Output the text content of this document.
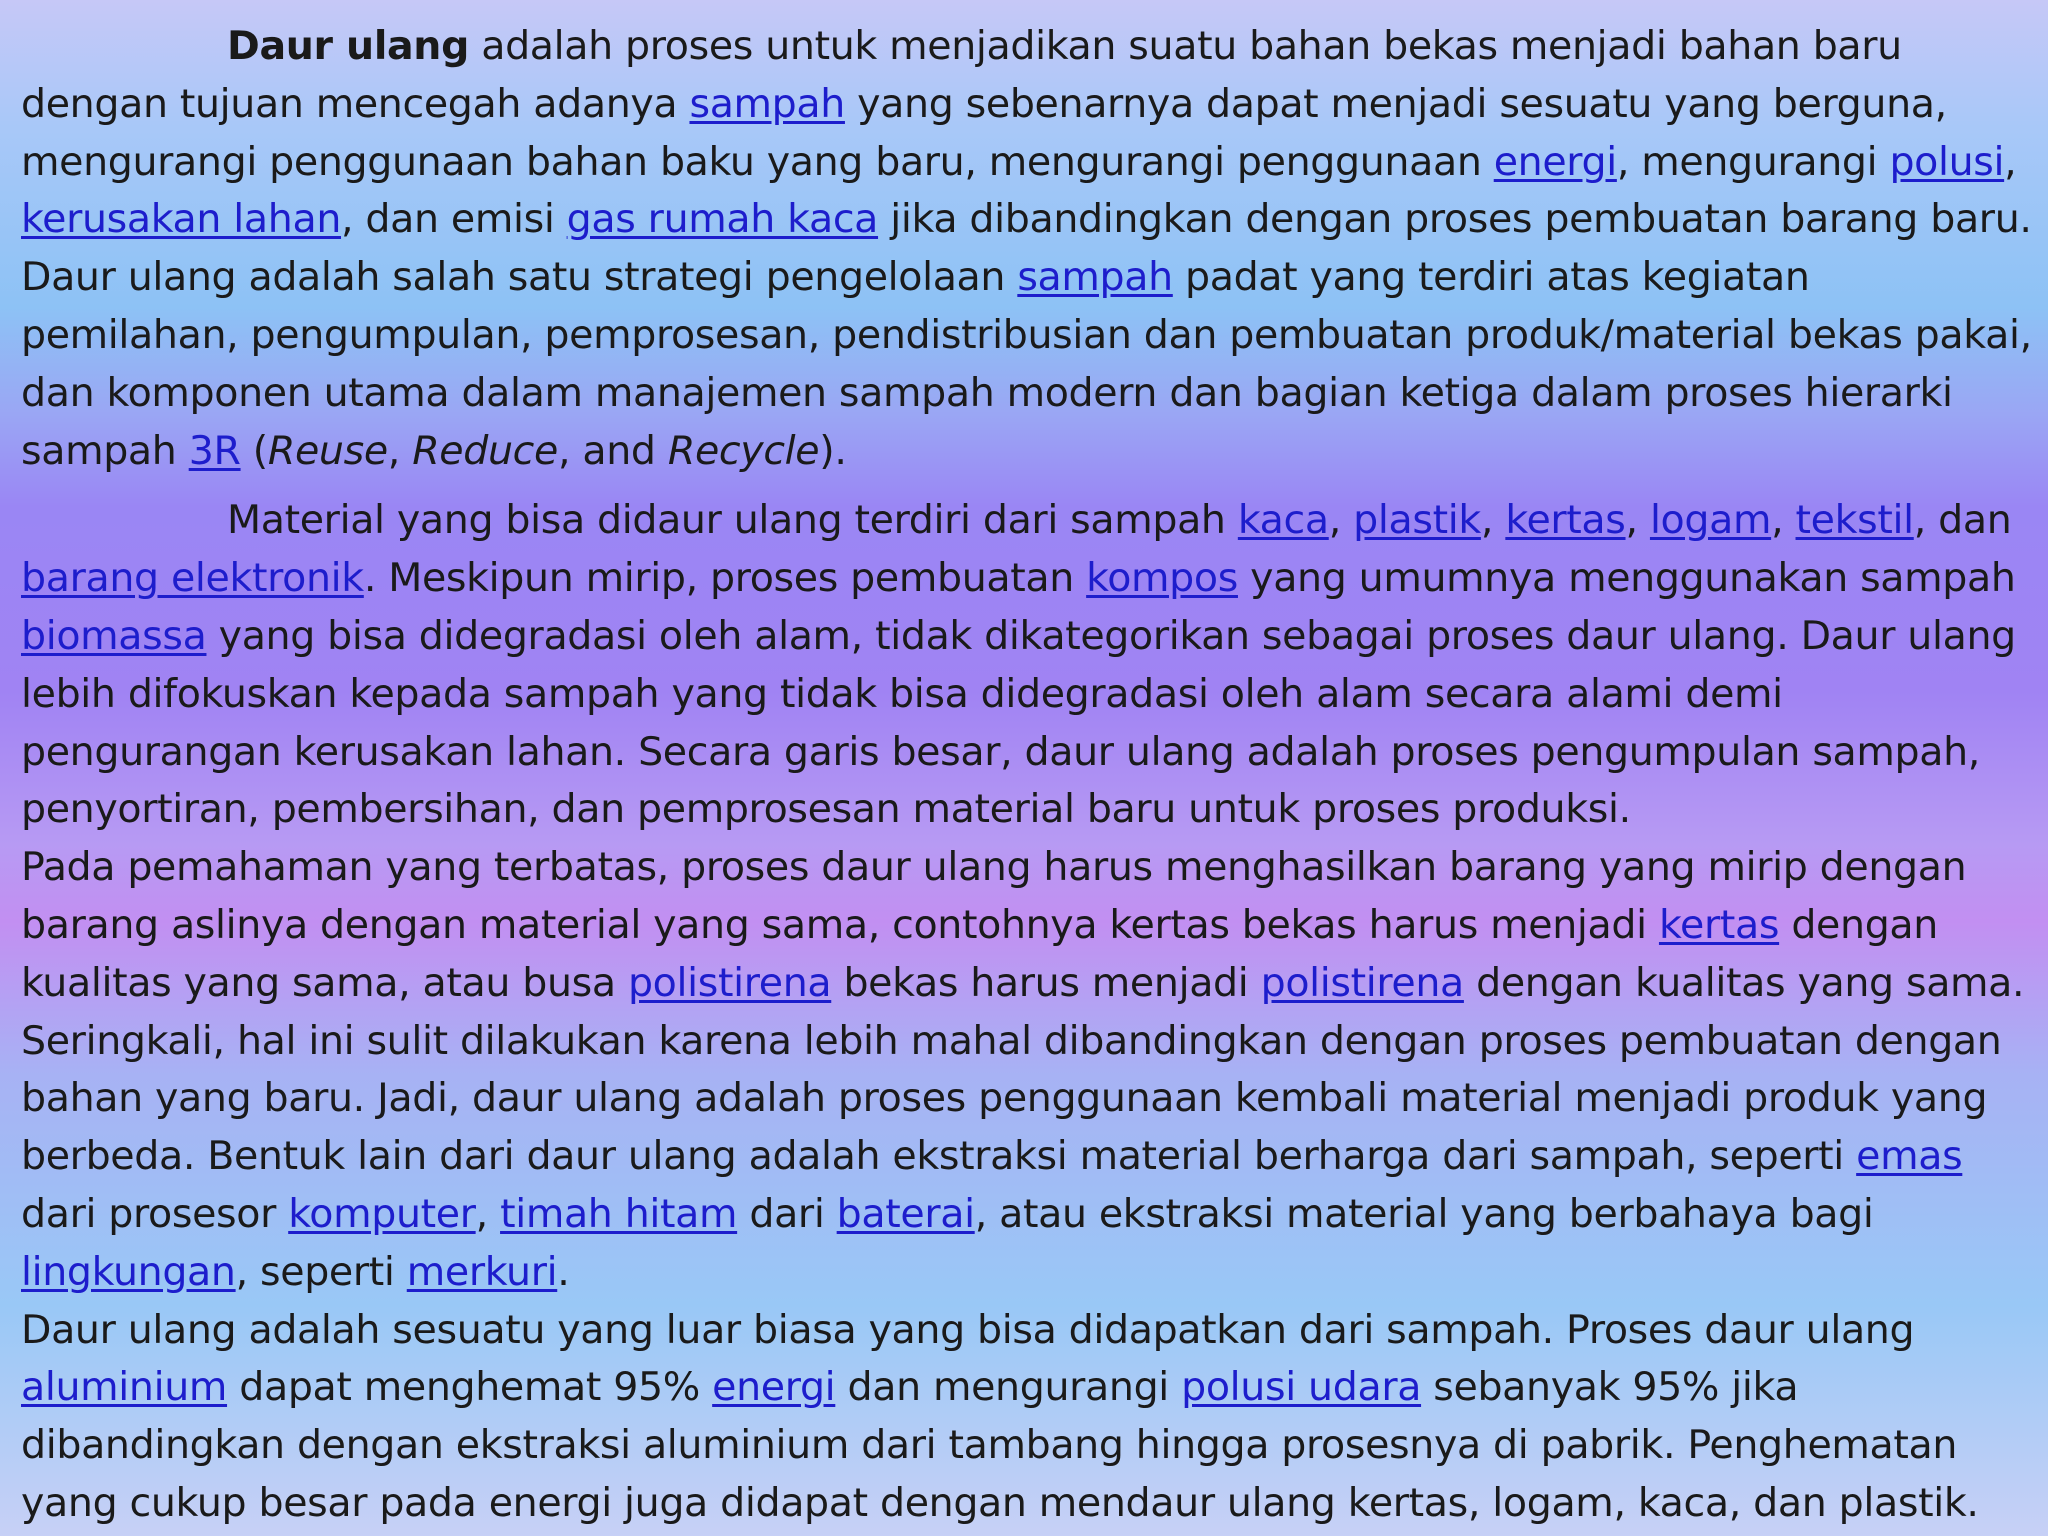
Daur ulang adalah proses untuk menjadikan suatu bahan bekas menjadi bahan baru dengan tujuan mencegah adanya sampah yang sebenarnya dapat menjadi sesuatu yang berguna, mengurangi penggunaan bahan baku yang baru, mengurangi penggunaan energi, mengurangi polusi, kerusakan lahan, dan emisi gas rumah kaca jika dibandingkan dengan proses pembuatan barang baru. Daur ulang adalah salah satu strategi pengelolaan sampah padat yang terdiri atas kegiatan pemilahan, pengumpulan, pemprosesan, pendistribusian dan pembuatan produk/material bekas pakai, dan komponen utama dalam manajemen sampah modern dan bagian ketiga dalam proses hierarki sampah 3R (Reuse, Reduce, and Recycle).

Material yang bisa didaur ulang terdiri dari sampah kaca, plastik, kertas, logam, tekstil, dan barang elektronik. Meskipun mirip, proses pembuatan kompos yang umumnya menggunakan sampah biomassa yang bisa didegradasi oleh alam, tidak dikategorikan sebagai proses daur ulang. Daur ulang lebih difokuskan kepada sampah yang tidak bisa didegradasi oleh alam secara alami demi pengurangan kerusakan lahan. Secara garis besar, daur ulang adalah proses pengumpulan sampah, penyortiran, pembersihan, dan pemprosesan material baru untuk proses produksi.

Pada pemahaman yang terbatas, proses daur ulang harus menghasilkan barang yang mirip dengan barang aslinya dengan material yang sama, contohnya kertas bekas harus menjadi kertas dengan kualitas yang sama, atau busa polistirena bekas harus menjadi polistirena dengan kualitas yang sama. Seringkali, hal ini sulit dilakukan karena lebih mahal dibandingkan dengan proses pembuatan dengan bahan yang baru. Jadi, daur ulang adalah proses penggunaan kembali material menjadi produk yang berbeda. Bentuk lain dari daur ulang adalah ekstraksi material berharga dari sampah, seperti emas dari prosesor komputer, timah hitam dari baterai, atau ekstraksi material yang berbahaya bagi lingkungan, seperti merkuri.

Daur ulang adalah sesuatu yang luar biasa yang bisa didapatkan dari sampah. Proses daur ulang aluminium dapat menghemat 95% energi dan mengurangi polusi udara sebanyak 95% jika dibandingkan dengan ekstraksi aluminium dari tambang hingga prosesnya di pabrik. Penghematan yang cukup besar pada energi juga didapat dengan mendaur ulang kertas, logam, kaca, dan plastik.
